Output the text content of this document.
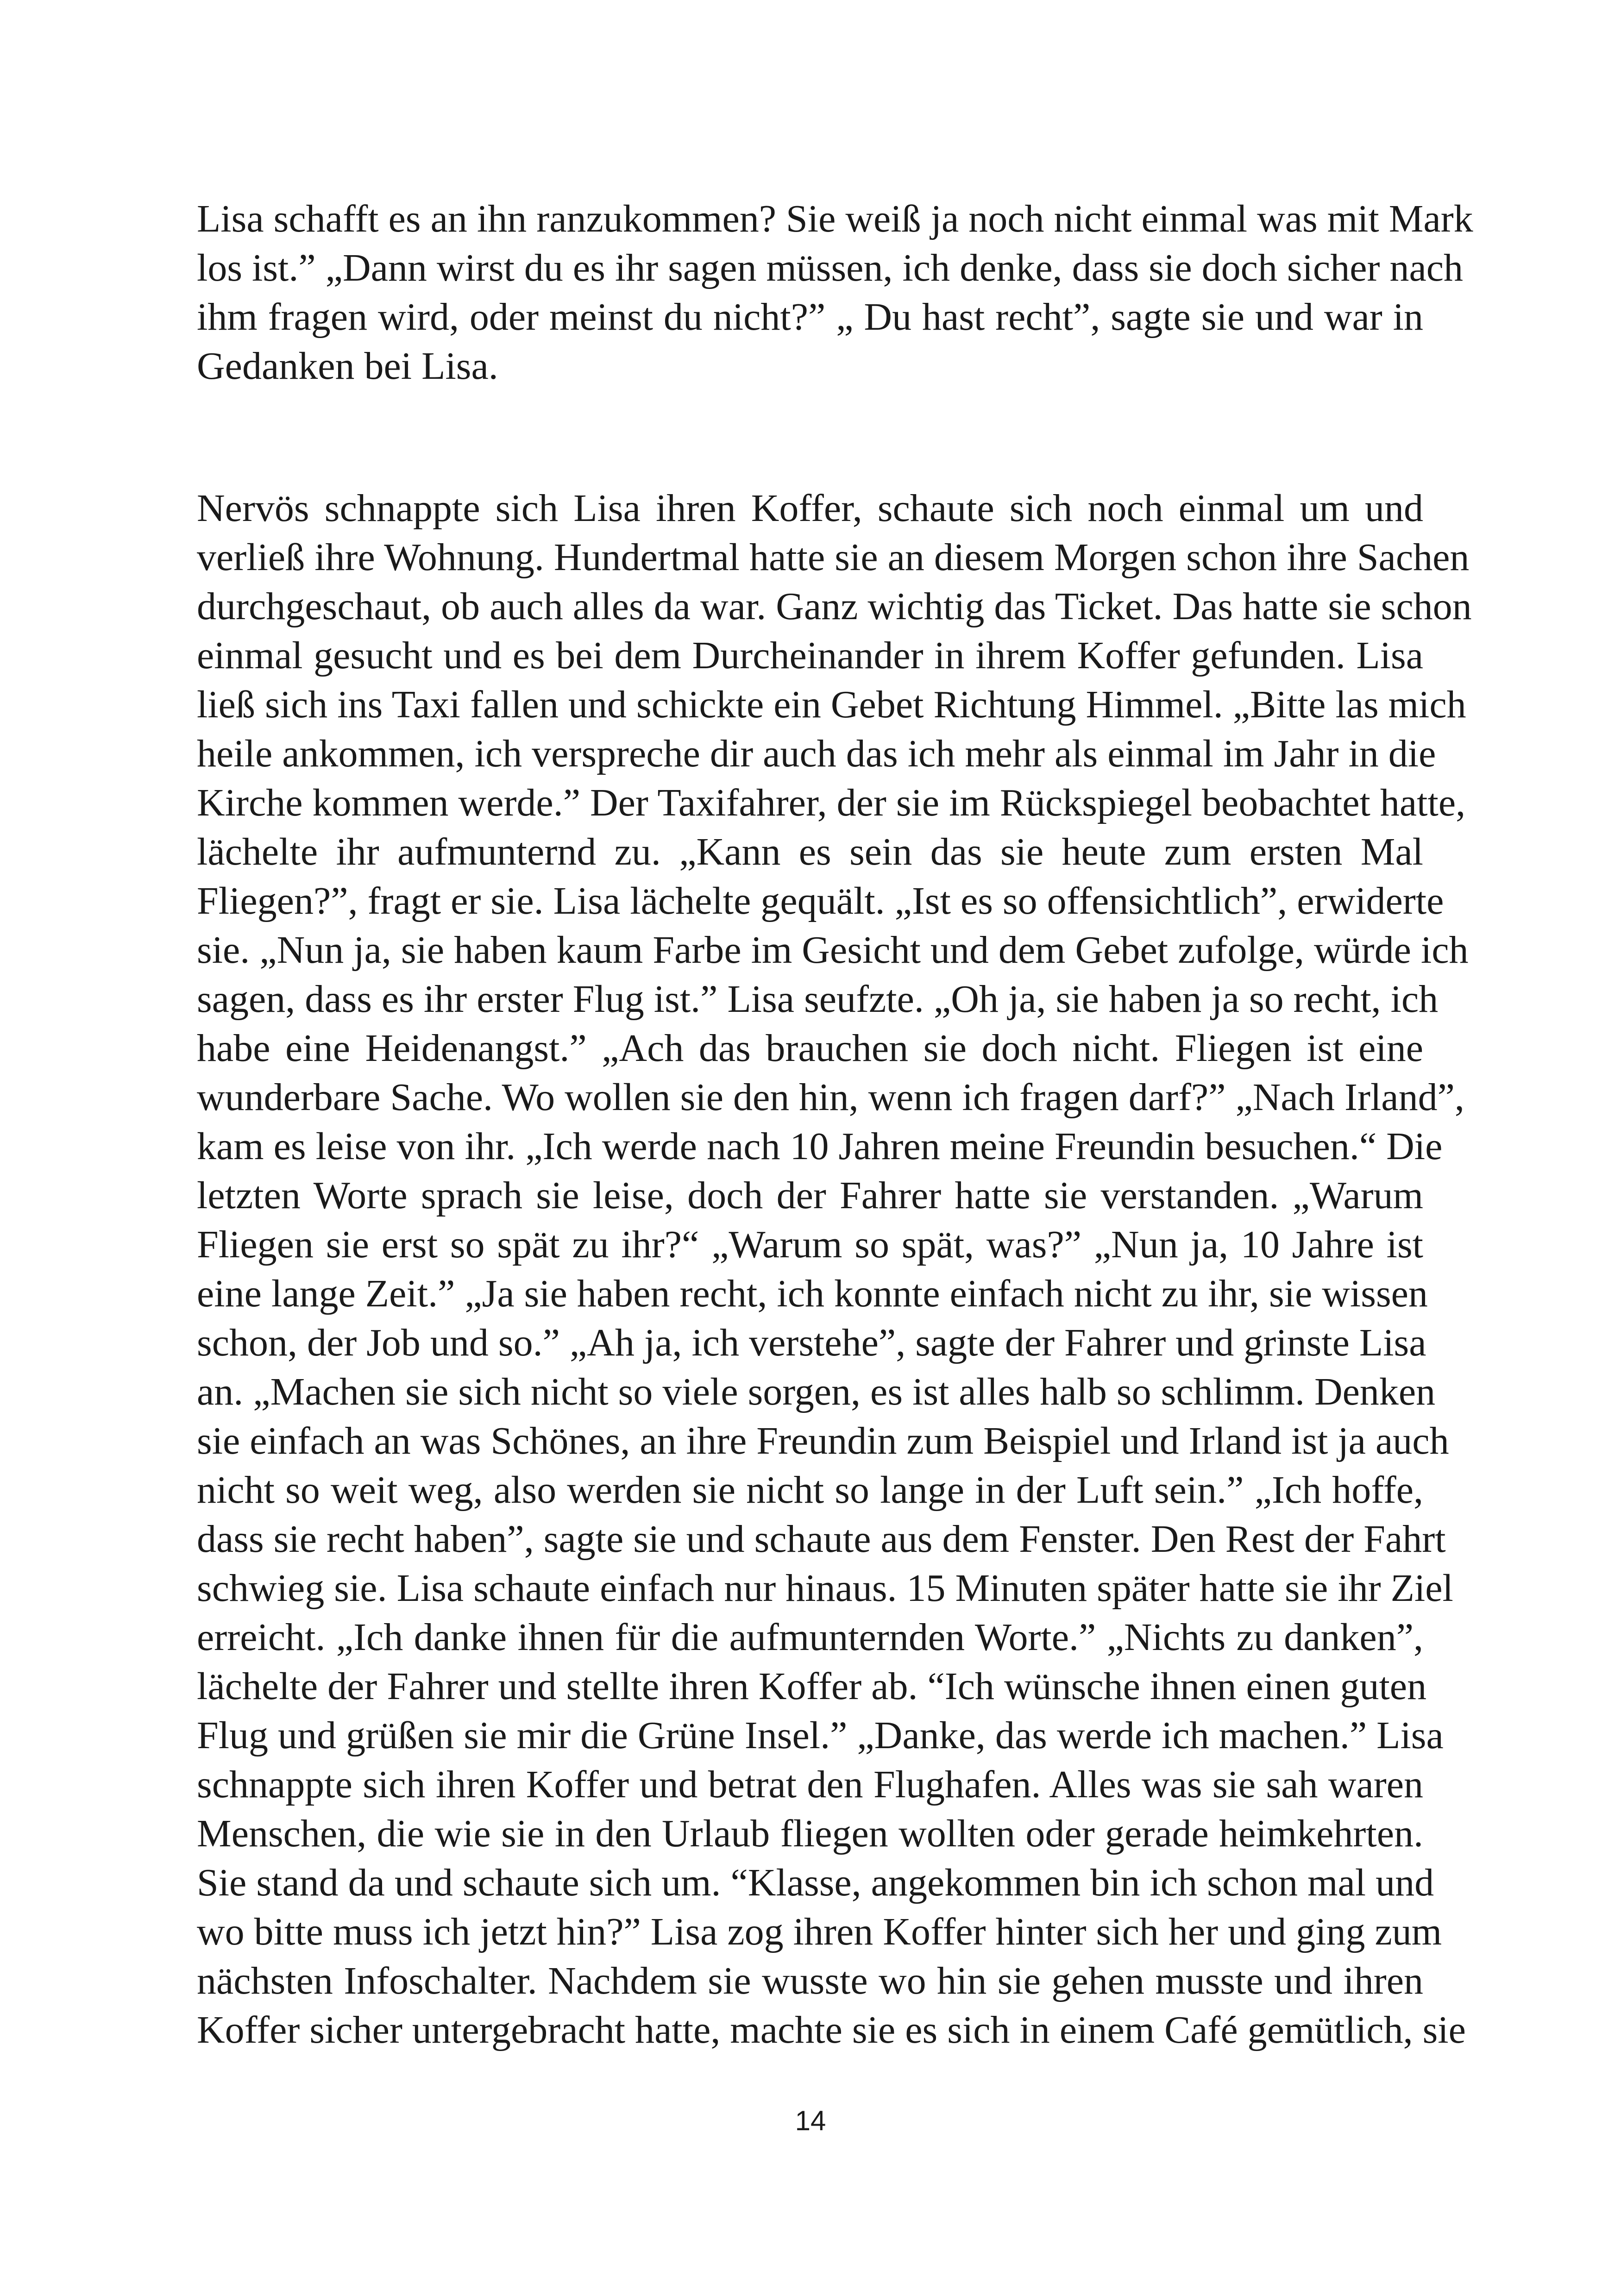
Lisa schafft es an ihn ranzukommen? Sie weiß ja noch nicht einmal was mit Mark
los ist.” „Dann wirst du es ihr sagen müssen, ich denke, dass sie doch sicher nach
ihm fragen wird, oder meinst du nicht?” „ Du hast recht”, sagte sie und war in
Gedanken bei Lisa.
Nervös schnappte sich Lisa ihren Koffer, schaute sich noch einmal um und
verließ ihre Wohnung. Hundertmal hatte sie an diesem Morgen schon ihre Sachen
durchgeschaut, ob auch alles da war. Ganz wichtig das Ticket. Das hatte sie schon
einmal gesucht und es bei dem Durcheinander in ihrem Koffer gefunden. Lisa
ließ sich ins Taxi fallen und schickte ein Gebet Richtung Himmel. „Bitte las mich
heile ankommen, ich verspreche dir auch das ich mehr als einmal im Jahr in die
Kirche kommen werde.” Der Taxifahrer, der sie im Rückspiegel beobachtet hatte,
lächelte ihr aufmunternd zu. „Kann es sein das sie heute zum ersten Mal
Fliegen?”, fragt er sie. Lisa lächelte gequält. „Ist es so offensichtlich”, erwiderte
sie. „Nun ja, sie haben kaum Farbe im Gesicht und dem Gebet zufolge, würde ich
sagen, dass es ihr erster Flug ist.” Lisa seufzte. „Oh ja, sie haben ja so recht, ich
habe eine Heidenangst.” „Ach das brauchen sie doch nicht. Fliegen ist eine
wunderbare Sache. Wo wollen sie den hin, wenn ich fragen darf?” „Nach Irland”,
kam es leise von ihr. „Ich werde nach 10 Jahren meine Freundin besuchen.“ Die
letzten Worte sprach sie leise, doch der Fahrer hatte sie verstanden. „Warum
Fliegen sie erst so spät zu ihr?“ „Warum so spät, was?” „Nun ja, 10 Jahre ist
eine lange Zeit.” „Ja sie haben recht, ich konnte einfach nicht zu ihr, sie wissen
schon, der Job und so.” „Ah ja, ich verstehe”, sagte der Fahrer und grinste Lisa
an. „Machen sie sich nicht so viele sorgen, es ist alles halb so schlimm. Denken
sie einfach an was Schönes, an ihre Freundin zum Beispiel und Irland ist ja auch
nicht so weit weg, also werden sie nicht so lange in der Luft sein.” „Ich hoffe,
dass sie recht haben”, sagte sie und schaute aus dem Fenster. Den Rest der Fahrt
schwieg sie. Lisa schaute einfach nur hinaus. 15 Minuten später hatte sie ihr Ziel
erreicht. „Ich danke ihnen für die aufmunternden Worte.” „Nichts zu danken”,
lächelte der Fahrer und stellte ihren Koffer ab. “Ich wünsche ihnen einen guten
Flug und grüßen sie mir die Grüne Insel.” „Danke, das werde ich machen.” Lisa
schnappte sich ihren Koffer und betrat den Flughafen. Alles was sie sah waren
Menschen, die wie sie in den Urlaub fliegen wollten oder gerade heimkehrten.
Sie stand da und schaute sich um. “Klasse, angekommen bin ich schon mal und
wo bitte muss ich jetzt hin?” Lisa zog ihren Koffer hinter sich her und ging zum
nächsten Infoschalter. Nachdem sie wusste wo hin sie gehen musste und ihren
Koffer sicher untergebracht hatte, machte sie es sich in einem Café gemütlich, sie
14
